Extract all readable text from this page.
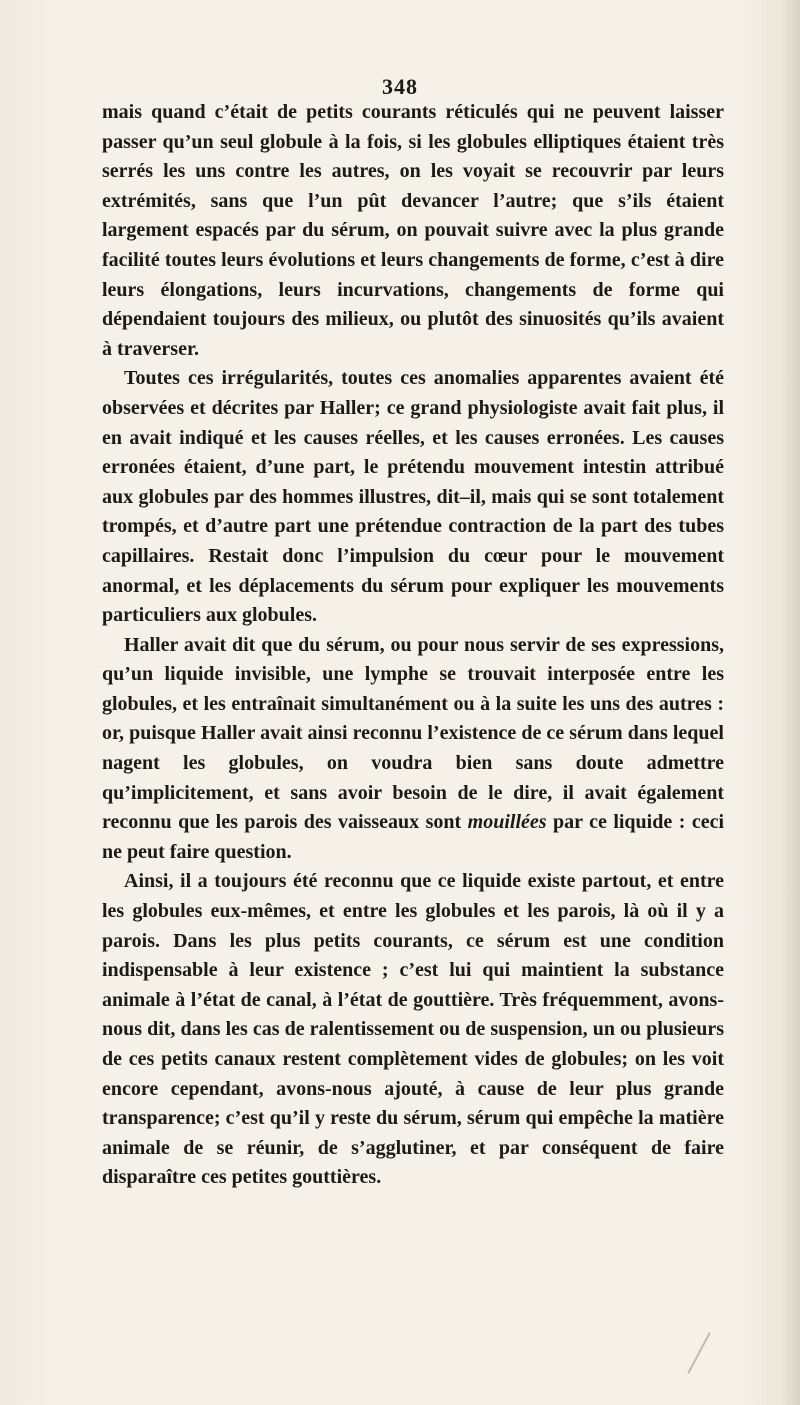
348

mais quand c’était de petits courants réticulés qui ne peuvent laisser passer qu’un seul globule à la fois, si les globules elliptiques étaient très serrés les uns contre les autres, on les voyait se recouvrir par leurs extrémités, sans que l’un pût devancer l’autre; que s’ils étaient largement espacés par du sérum, on pouvait suivre avec la plus grande facilité toutes leurs évolutions et leurs changements de forme, c’est à dire leurs élongations, leurs incurvations, changements de forme qui dépendaient toujours des milieux, ou plutôt des sinuosités qu’ils avaient à traverser.

Toutes ces irrégularités, toutes ces anomalies apparentes avaient été observées et décrites par Haller; ce grand physiologiste avait fait plus, il en avait indiqué et les causes réelles, et les causes erronées. Les causes erronées étaient, d’une part, le prétendu mouvement intestin attribué aux globules par des hommes illustres, dit–il, mais qui se sont totalement trompés, et d’autre part une prétendue contraction de la part des tubes capillaires. Restait donc l’impulsion du cœur pour le mouvement anormal, et les déplacements du sérum pour expliquer les mouvements particuliers aux globules.

Haller avait dit que du sérum, ou pour nous servir de ses expressions, qu’un liquide invisible, une lymphe se trouvait interposée entre les globules, et les entraînait simultanément ou à la suite les uns des autres : or, puisque Haller avait ainsi reconnu l’existence de ce sérum dans lequel nagent les globules, on voudra bien sans doute admettre qu’implicitement, et sans avoir besoin de le dire, il avait également reconnu que les parois des vaisseaux sont mouillées par ce liquide : ceci ne peut faire question.

Ainsi, il a toujours été reconnu que ce liquide existe partout, et entre les globules eux-mêmes, et entre les globules et les parois, là où il y a parois. Dans les plus petits courants, ce sérum est une condition indispensable à leur existence ; c’est lui qui maintient la substance animale à l’état de canal, à l’état de gouttière. Très fréquemment, avons-nous dit, dans les cas de ralentissement ou de suspension, un ou plusieurs de ces petits canaux restent complètement vides de globules; on les voit encore cependant, avons-nous ajouté, à cause de leur plus grande transparence; c’est qu’il y reste du sérum, sérum qui empêche la matière animale de se réunir, de s’agglutiner, et par conséquent de faire disparaître ces petites gouttières.
